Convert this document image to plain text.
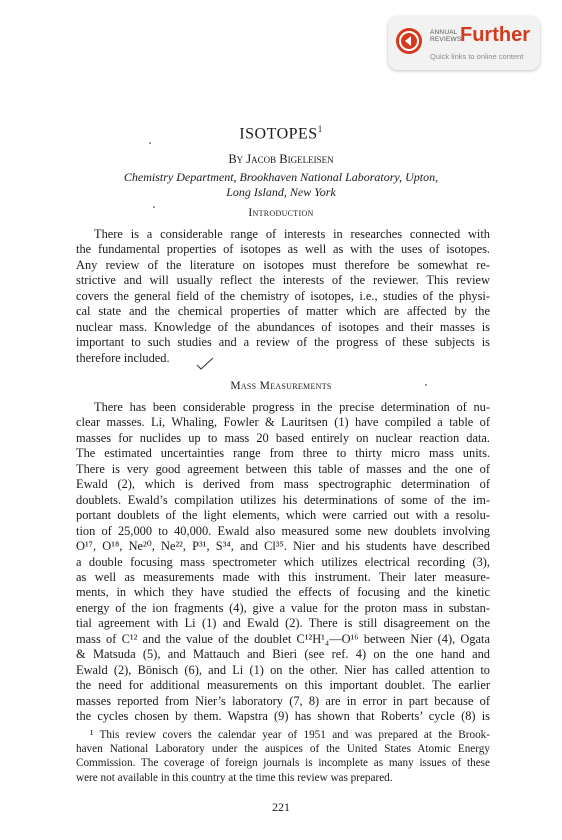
ANNUAL
REVIEWS
Further
Quick links to online content
ISOTOPES$^1$
By Jacob Bigeleisen
Chemistry Department, Brookhaven National Laboratory, Upton,
Long Island, New York
Introduction
There is a considerable range of interests in researches connected with
the fundamental properties of isotopes as well as with the uses of isotopes.
Any review of the literature on isotopes must therefore be somewhat re-
strictive and will usually reflect the interests of the reviewer. This review
covers the general field of the chemistry of isotopes, i.e., studies of the physi-
cal state and the chemical properties of matter which are affected by the
nuclear mass. Knowledge of the abundances of isotopes and their masses is
important to such studies and a review of the progress of these subjects is
therefore included.
Mass Measurements
There has been considerable progress in the precise determination of nu-
clear masses. Li, Whaling, Fowler & Lauritsen (1) have compiled a table of
masses for nuclides up to mass 20 based entirely on nuclear reaction data.
The estimated uncertainties range from three to thirty micro mass units.
There is very good agreement between this table of masses and the one of
Ewald (2), which is derived from mass spectrographic determination of
doublets. Ewald’s compilation utilizes his determinations of some of the im-
portant doublets of the light elements, which were carried out with a resolu-
tion of 25,000 to 40,000. Ewald also measured some new doublets involving
O¹⁷, O¹⁸, Ne²⁰, Ne²², P³¹, S³⁴, and Cl³⁵. Nier and his students have described
a double focusing mass spectrometer which utilizes electrical recording (3),
as well as measurements made with this instrument. Their later measure-
ments, in which they have studied the effects of focusing and the kinetic
energy of the ion fragments (4), give a value for the proton mass in substan-
tial agreement with Li (1) and Ewald (2). There is still disagreement on the
mass of C¹² and the value of the doublet C¹²H¹₄—O¹⁶ between Nier (4), Ogata
& Matsuda (5), and Mattauch and Bieri (see ref. 4) on the one hand and
Ewald (2), Bönisch (6), and Li (1) on the other. Nier has called attention to
the need for additional measurements on this important doublet. The earlier
masses reported from Nier’s laboratory (7, 8) are in error in part because of
the cycles chosen by them. Wapstra (9) has shown that Roberts’ cycle (8) is
¹ This review covers the calendar year of 1951 and was prepared at the Brook-
haven National Laboratory under the auspices of the United States Atomic Energy
Commission. The coverage of foreign journals is incomplete as many issues of these
were not available in this country at the time this review was prepared.
221
